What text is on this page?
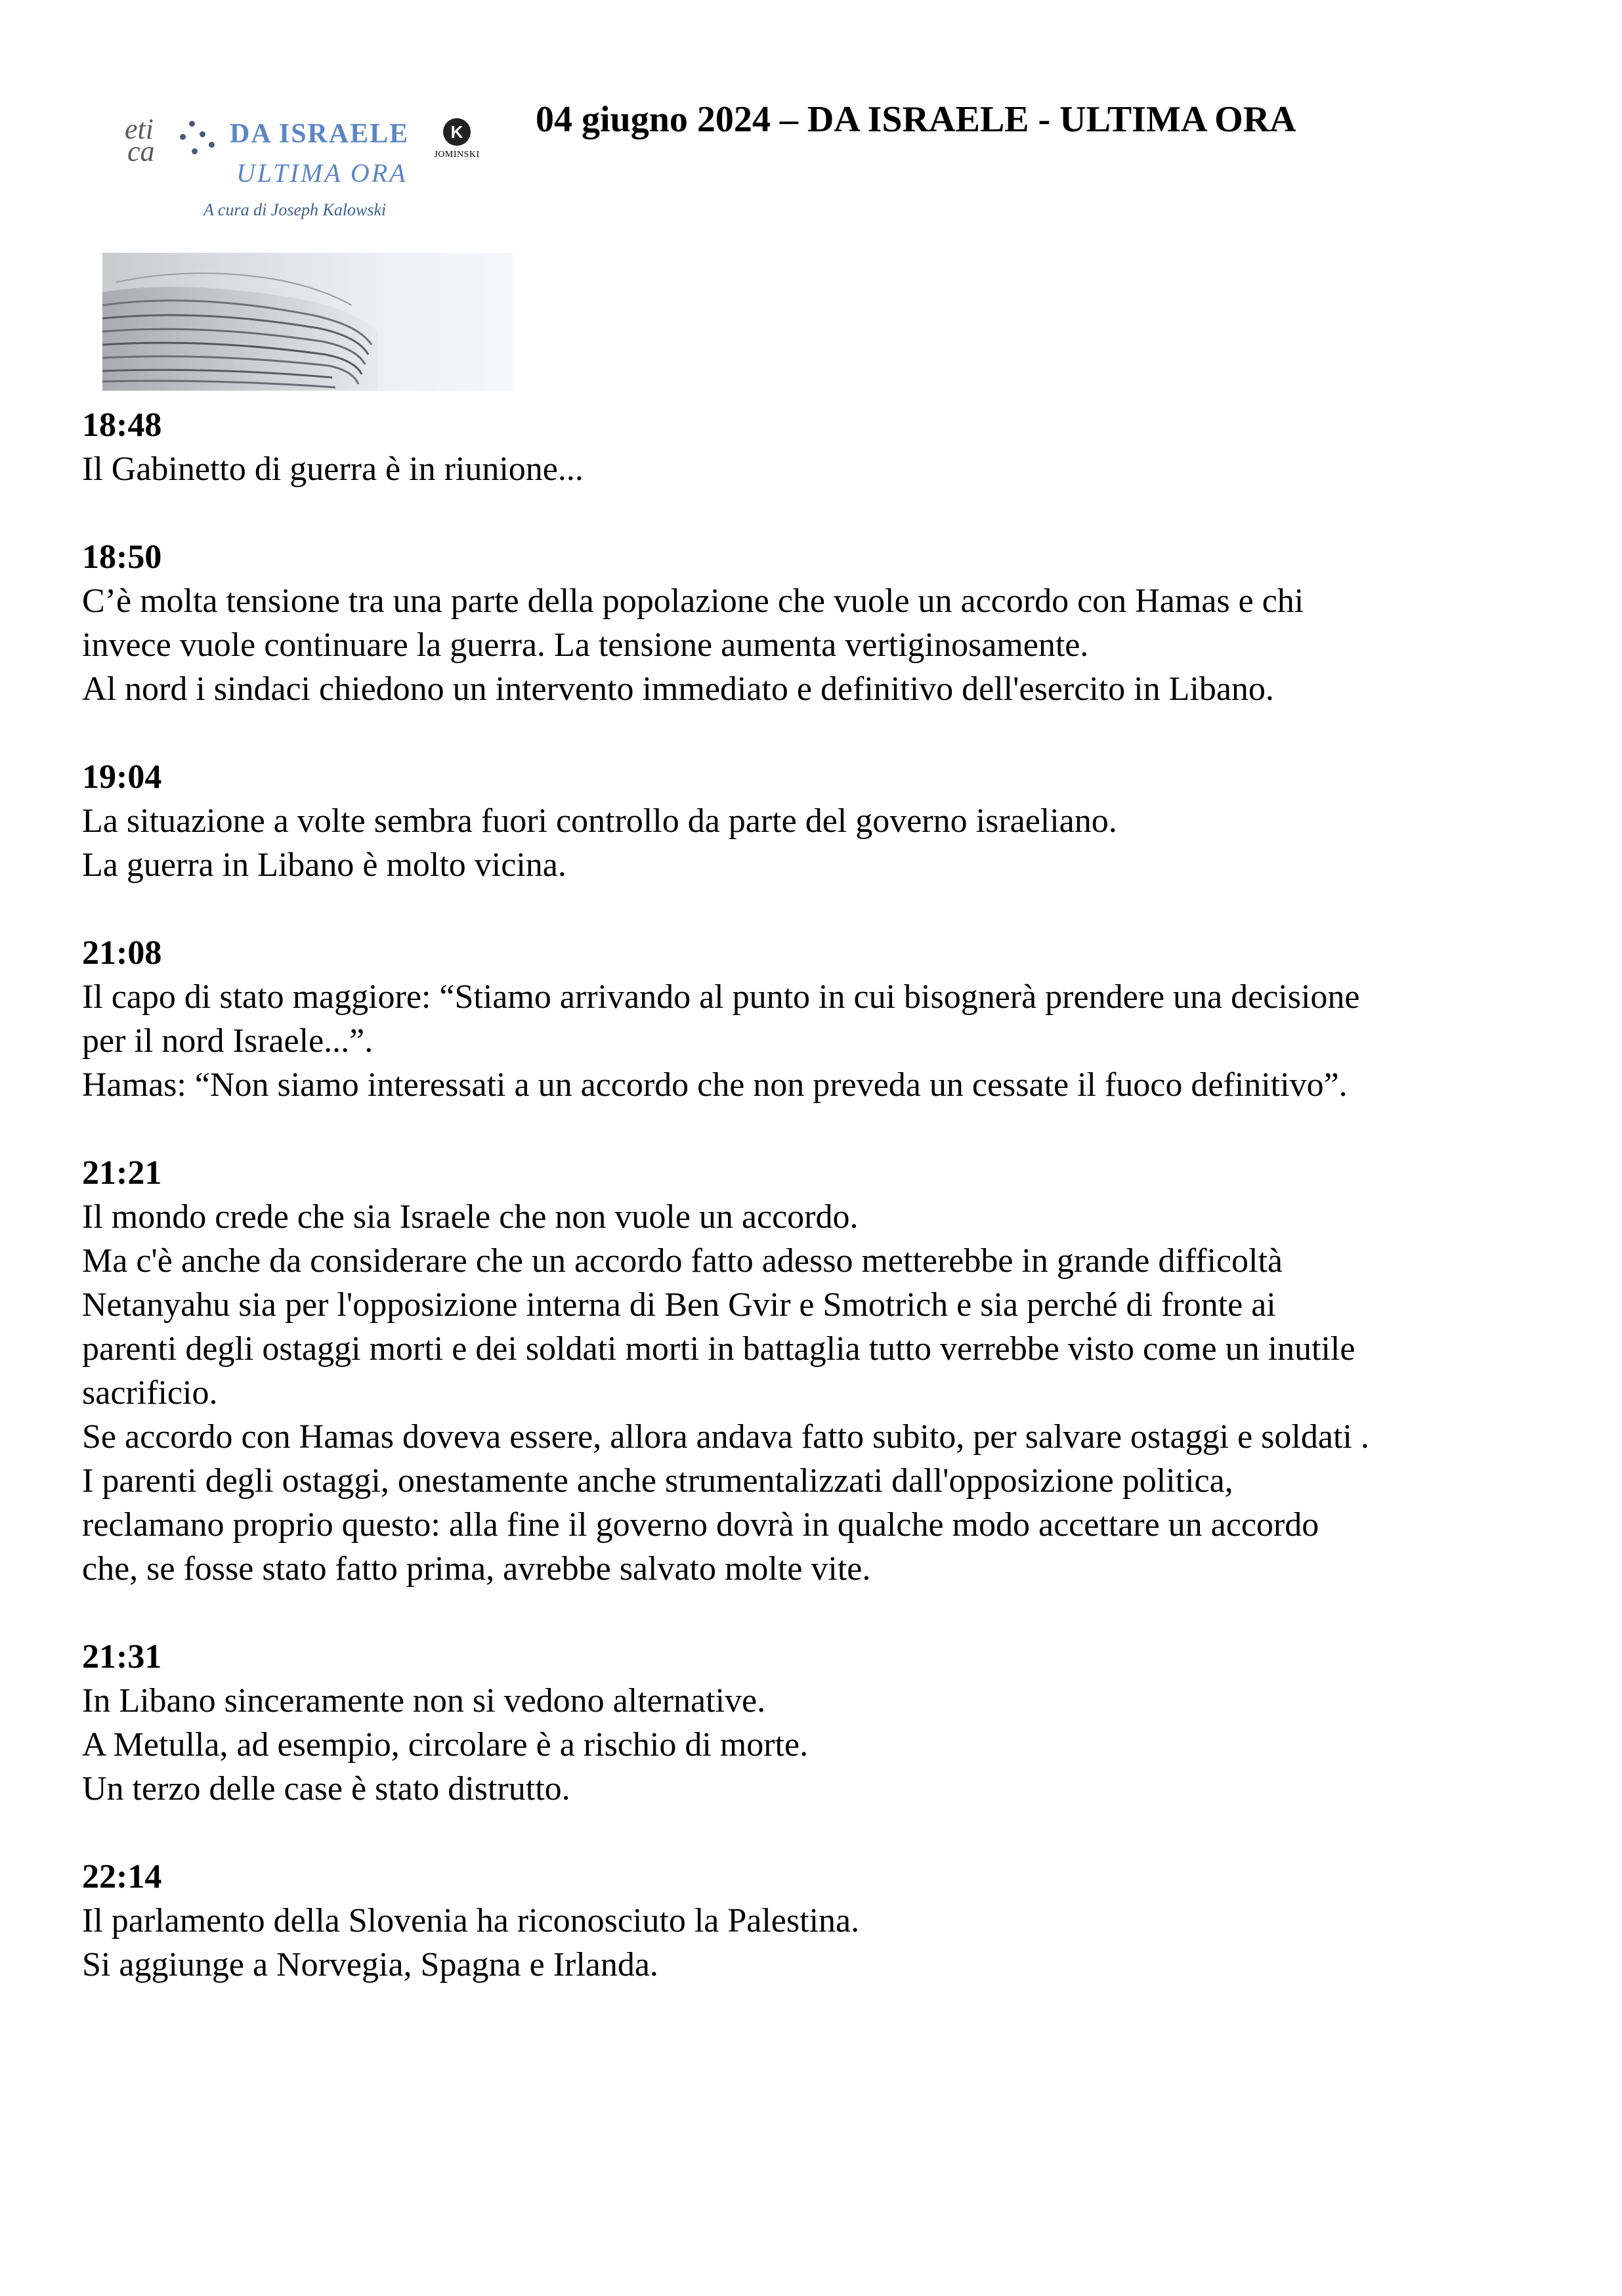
eti
ca
DA ISRAELE
ULTIMA ORA
A cura di Joseph Kalowski
K
JOMINSKI
04 giugno 2024 – DA ISRAELE - ULTIMA ORA
18:48
Il Gabinetto di guerra è in riunione...
18:50
C’è molta tensione tra una parte della popolazione che vuole un accordo con Hamas e chi
invece vuole continuare la guerra. La tensione aumenta vertiginosamente.
Al nord i sindaci chiedono un intervento immediato e definitivo dell'esercito in Libano.
19:04
La situazione a volte sembra fuori controllo da parte del governo israeliano.
La guerra in Libano è molto vicina.
21:08
Il capo di stato maggiore: “Stiamo arrivando al punto in cui bisognerà prendere una decisione
per il nord Israele...”.
Hamas: “Non siamo interessati a un accordo che non preveda un cessate il fuoco definitivo”.
21:21
Il mondo crede che sia Israele che non vuole un accordo.
Ma c'è anche da considerare che un accordo fatto adesso metterebbe in grande difficoltà
Netanyahu sia per l'opposizione interna di Ben Gvir e Smotrich e sia perché di fronte ai
parenti degli ostaggi morti e dei soldati morti in battaglia tutto verrebbe visto come un inutile
sacrificio.
Se accordo con Hamas doveva essere, allora andava fatto subito, per salvare ostaggi e soldati .
I parenti degli ostaggi, onestamente anche strumentalizzati dall'opposizione politica,
reclamano proprio questo: alla fine il governo dovrà in qualche modo accettare un accordo
che, se fosse stato fatto prima, avrebbe salvato molte vite.
21:31
In Libano sinceramente non si vedono alternative.
A Metulla, ad esempio, circolare è a rischio di morte.
Un terzo delle case è stato distrutto.
22:14
Il parlamento della Slovenia ha riconosciuto la Palestina.
Si aggiunge a Norvegia, Spagna e Irlanda.
